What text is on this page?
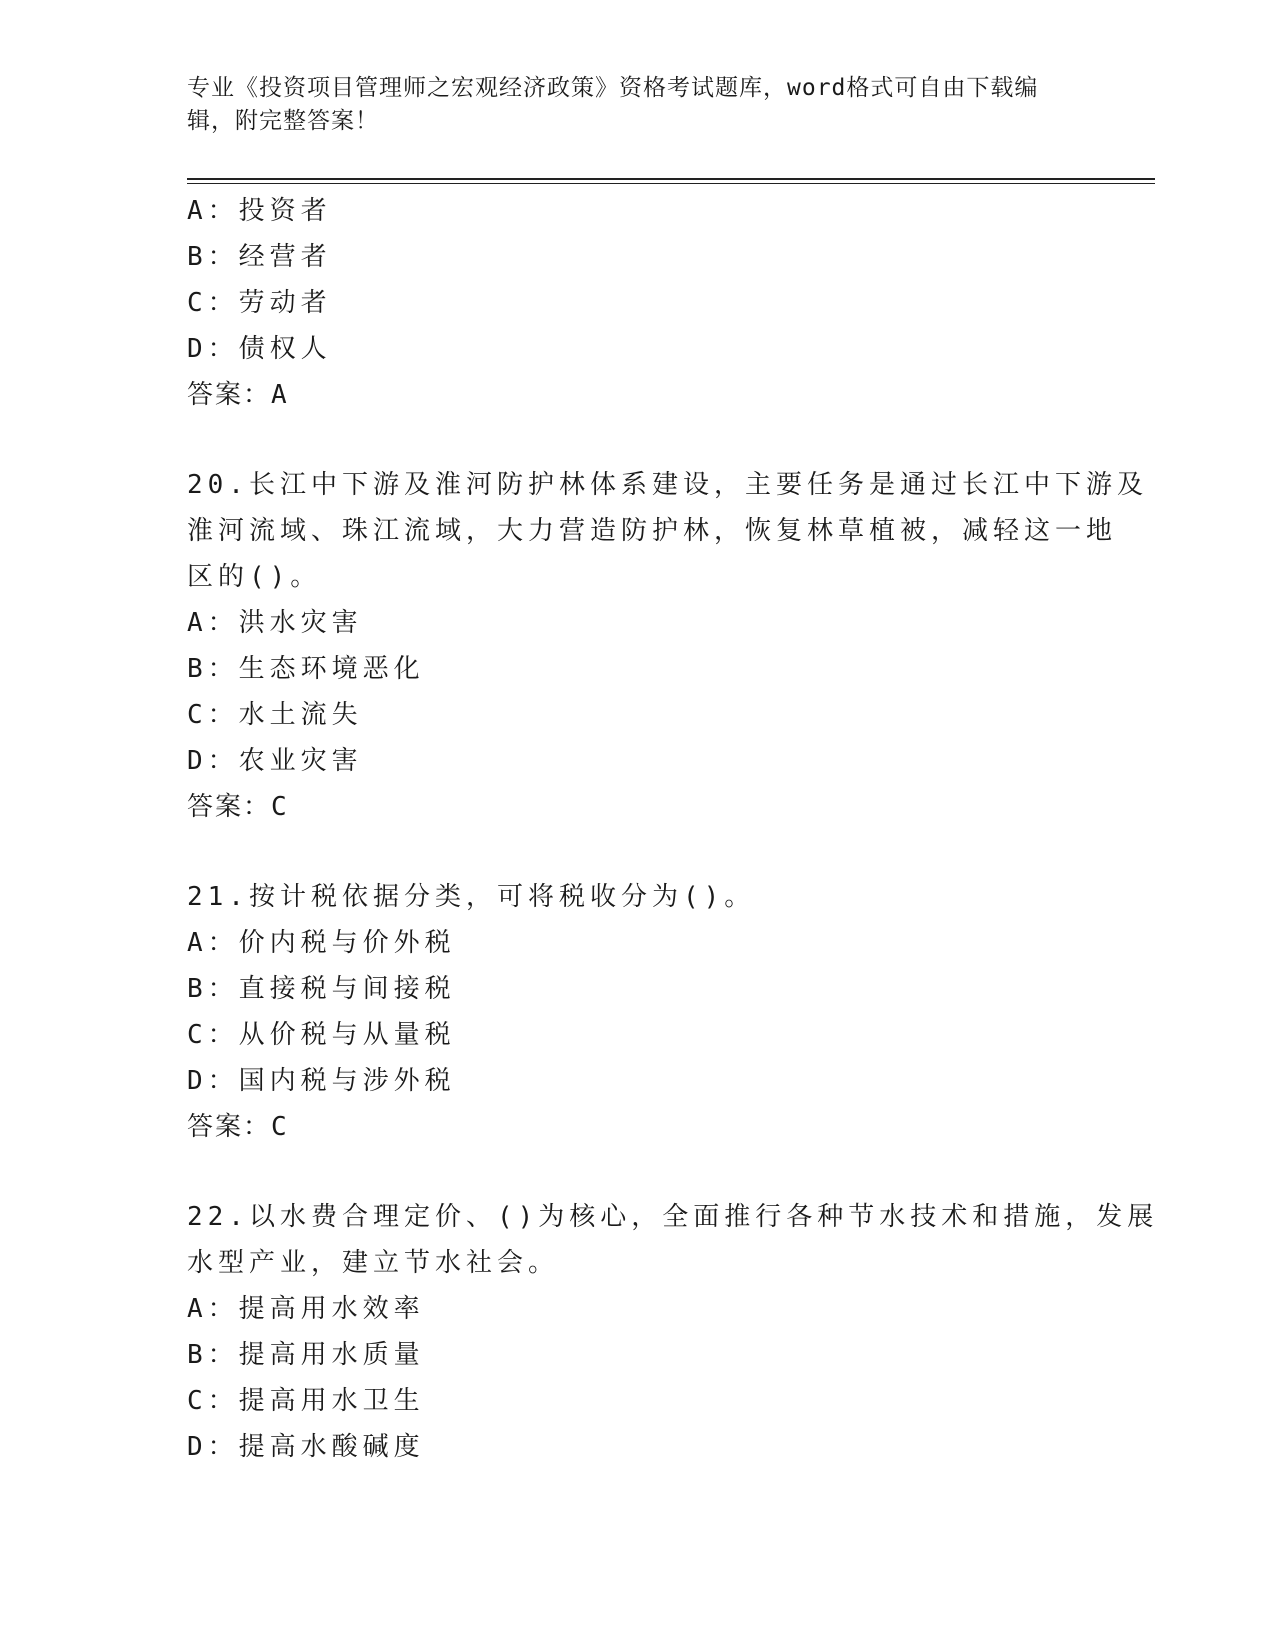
专业《投资项目管理师之宏观经济政策》资格考试题库，word格式可自由下载编
辑，附完整答案！
A：投资者
B：经营者
C：劳动者
D：债权人
答案：A
20.长江中下游及淮河防护林体系建设，主要任务是通过长江中下游及
淮河流域、珠江流域，大力营造防护林，恢复林草植被，减轻这一地
区的()。
A：洪水灾害
B：生态环境恶化
C：水土流失
D：农业灾害
答案：C
21.按计税依据分类，可将税收分为()。
A：价内税与价外税
B：直接税与间接税
C：从价税与从量税
D：国内税与涉外税
答案：C
22.以水费合理定价、()为核心，全面推行各种节水技术和措施，发展
水型产业，建立节水社会。
A：提高用水效率
B：提高用水质量
C：提高用水卫生
D：提高水酸碱度
